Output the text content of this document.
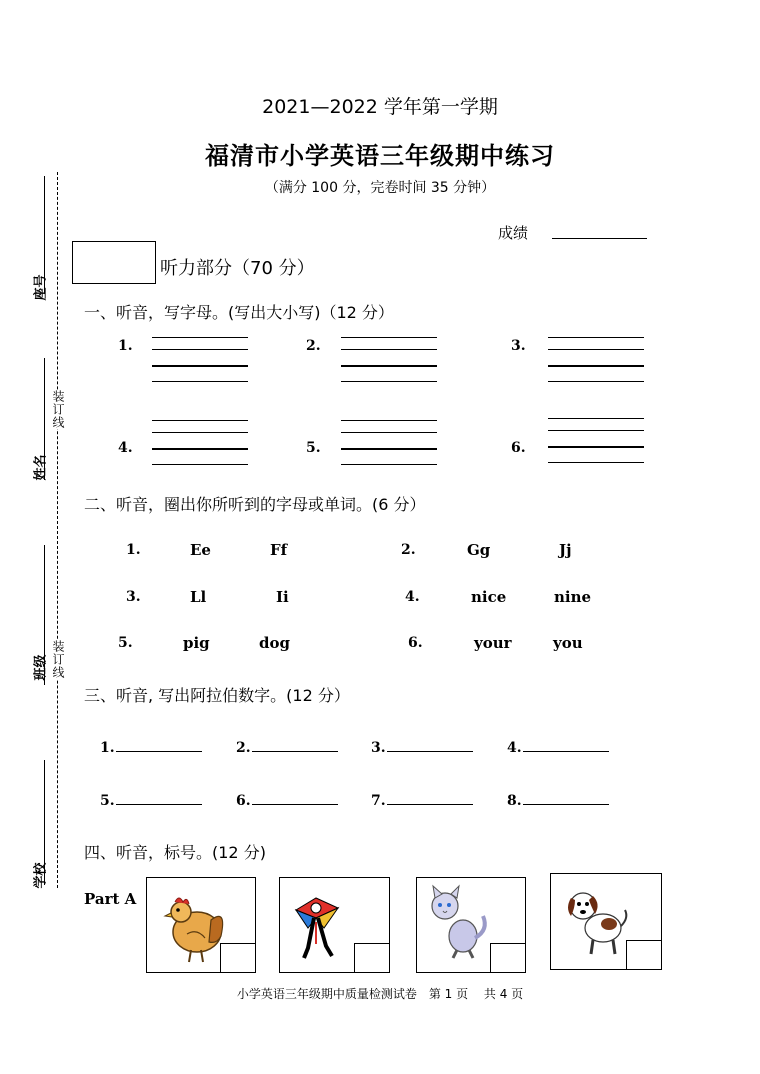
座号
姓名
班级
学校
装订线
装订线
2021—2022 学年第一学期
福清市小学英语三年级期中练习
（满分 100 分，完卷时间 35 分钟）
成绩
听力部分（70 分）
一、听音，写字母。(写出大小写)（12 分）
1.	2.	3.
4.	5.	6.
二、听音，圈出你所听到的字母或单词。(6 分）
1.	Ee	Ff	2.	Gg	Jj
3.	Ll	Ii	4.	nice	nine
5.	pig	dog	6.	your	you
三、听音, 写出阿拉伯数字。(12 分）
1.	2.	3.	4.
5.	6.	7.	8.
四、听音，标号。(12 分)
Part A
小学英语三年级期中质量检测试卷　第 1 页　 共 4 页
